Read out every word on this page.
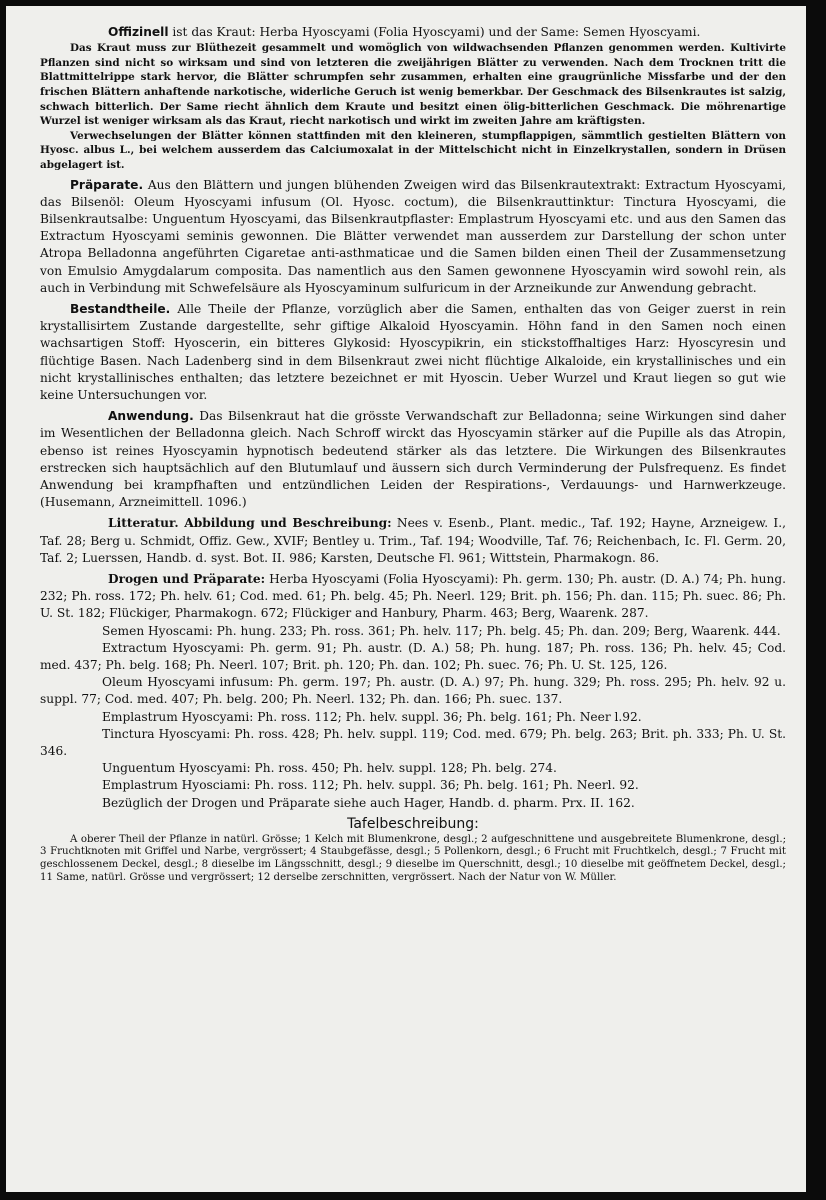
Offizinell ist das Kraut: Herba Hyoscyami (Folia Hyoscyami) und der Same: Semen Hyoscyami.

Das Kraut muss zur Blüthezeit gesammelt und womöglich von wildwachsenden Pflanzen genommen werden. Kultivirte Pflanzen sind nicht so wirksam und sind von letzteren die zweijährigen Blätter zu verwenden. Nach dem Trocknen tritt die Blattmittelrippe stark hervor, die Blätter schrumpfen sehr zusammen, erhalten eine graugrünliche Missfarbe und der den frischen Blättern anhaftende narkotische, widerliche Geruch ist wenig bemerkbar. Der Geschmack des Bilsenkrautes ist salzig, schwach bitterlich. Der Same riecht ähnlich dem Kraute und besitzt einen ölig-bitterlichen Geschmack. Die möhrenartige Wurzel ist weniger wirksam als das Kraut, riecht narkotisch und wirkt im zweiten Jahre am kräftigsten.

Verwechselungen der Blätter können stattfinden mit den kleineren, stumpflappigen, sämmtlich gestielten Blättern von Hyosc. albus L., bei welchem ausserdem das Calciumoxalat in der Mittelschicht nicht in Einzelkrystallen, sondern in Drüsen abgelagert ist.

Präparate. Aus den Blättern und jungen blühenden Zweigen wird das Bilsenkrautextrakt: Extractum Hyoscyami, das Bilsenöl: Oleum Hyoscyami infusum (Ol. Hyosc. coctum), die Bilsenkrauttinktur: Tinctura Hyoscyami, die Bilsenkrautsalbe: Unguentum Hyoscyami, das Bilsenkrautpflaster: Emplastrum Hyoscyami etc. und aus den Samen das Extractum Hyoscyami seminis gewonnen. Die Blätter verwendet man ausserdem zur Darstellung der schon unter Atropa Belladonna angeführten Cigaretae anti-asthmaticae und die Samen bilden einen Theil der Zusammensetzung von Emulsio Amygdalarum composita. Das namentlich aus den Samen gewonnene Hyoscyamin wird sowohl rein, als auch in Verbindung mit Schwefelsäure als Hyoscyaminum sulfuricum in der Arzneikunde zur Anwendung gebracht.

Bestandtheile. Alle Theile der Pflanze, vorzüglich aber die Samen, enthalten das von Geiger zuerst in rein krystallisirtem Zustande dargestellte, sehr giftige Alkaloid Hyoscyamin. Höhn fand in den Samen noch einen wachsartigen Stoff: Hyoscerin, ein bitteres Glykosid: Hyoscypikrin, ein stickstoffhaltiges Harz: Hyoscyresin und flüchtige Basen. Nach Ladenberg sind in dem Bilsenkraut zwei nicht flüchtige Alkaloide, ein krystallinisches und ein nicht krystallinisches enthalten; das letztere bezeichnet er mit Hyoscin. Ueber Wurzel und Kraut liegen so gut wie keine Untersuchungen vor.

Anwendung. Das Bilsenkraut hat die grösste Verwandschaft zur Belladonna; seine Wirkungen sind daher im Wesentlichen der Belladonna gleich. Nach Schroff wirckt das Hyoscyamin stärker auf die Pupille als das Atropin, ebenso ist reines Hyoscyamin hypnotisch bedeutend stärker als das letztere. Die Wirkungen des Bilsenkrautes erstrecken sich hauptsächlich auf den Blutumlauf und äussern sich durch Verminderung der Pulsfrequenz. Es findet Anwendung bei krampfhaften und entzündlichen Leiden der Respirations-, Verdauungs- und Harnwerkzeuge. (Husemann, Arzneimittell. 1096.)

Litteratur. Abbildung und Beschreibung: Nees v. Esenb., Plant. medic., Taf. 192; Hayne, Arzneigew. I., Taf. 28; Berg u. Schmidt, Offiz. Gew., XVIF; Bentley u. Trim., Taf. 194; Woodville, Taf. 76; Reichenbach, Ic. Fl. Germ. 20, Taf. 2; Luerssen, Handb. d. syst. Bot. II. 986; Karsten, Deutsche Fl. 961; Wittstein, Pharmakogn. 86.

Drogen und Präparate: Herba Hyoscyami (Folia Hyoscyami): Ph. germ. 130; Ph. austr. (D. A.) 74; Ph. hung. 232; Ph. ross. 172; Ph. helv. 61; Cod. med. 61; Ph. belg. 45; Ph. Neerl. 129; Brit. ph. 156; Ph. dan. 115; Ph. suec. 86; Ph. U. St. 182; Flückiger, Pharmakogn. 672; Flückiger and Hanbury, Pharm. 463; Berg, Waarenk. 287.

Semen Hyoscami: Ph. hung. 233; Ph. ross. 361; Ph. helv. 117; Ph. belg. 45; Ph. dan. 209; Berg, Waarenk. 444.

Extractum Hyoscyami: Ph. germ. 91; Ph. austr. (D. A.) 58; Ph. hung. 187; Ph. ross. 136; Ph. helv. 45; Cod. med. 437; Ph. belg. 168; Ph. Neerl. 107; Brit. ph. 120; Ph. dan. 102; Ph. suec. 76; Ph. U. St. 125, 126.

Oleum Hyoscyami infusum: Ph. germ. 197; Ph. austr. (D. A.) 97; Ph. hung. 329; Ph. ross. 295; Ph. helv. 92 u. suppl. 77; Cod. med. 407; Ph. belg. 200; Ph. Neerl. 132; Ph. dan. 166; Ph. suec. 137.

Emplastrum Hyoscyami: Ph. ross. 112; Ph. helv. suppl. 36; Ph. belg. 161; Ph. Neer l.92.

Tinctura Hyoscyami: Ph. ross. 428; Ph. helv. suppl. 119; Cod. med. 679; Ph. belg. 263; Brit. ph. 333; Ph. U. St. 346.

Unguentum Hyoscyami: Ph. ross. 450; Ph. helv. suppl. 128; Ph. belg. 274.

Emplastrum Hyosciami: Ph. ross. 112; Ph. helv. suppl. 36; Ph. belg. 161; Ph. Neerl. 92.

Bezüglich der Drogen und Präparate siehe auch Hager, Handb. d. pharm. Prx. II. 162.

Tafelbeschreibung:

A oberer Theil der Pflanze in natürl. Grösse; 1 Kelch mit Blumenkrone, desgl.; 2 aufgeschnittene und ausgebreitete Blumenkrone, desgl.; 3 Fruchtknoten mit Griffel und Narbe, vergrössert; 4 Staubgefässe, desgl.; 5 Pollenkorn, desgl.; 6 Frucht mit Fruchtkelch, desgl.; 7 Frucht mit geschlossenem Deckel, desgl.; 8 dieselbe im Längsschnitt, desgl.; 9 dieselbe im Querschnitt, desgl.; 10 dieselbe mit geöffnetem Deckel, desgl.; 11 Same, natürl. Grösse und vergrössert; 12 derselbe zerschnitten, vergrössert. Nach der Natur von W. Müller.
